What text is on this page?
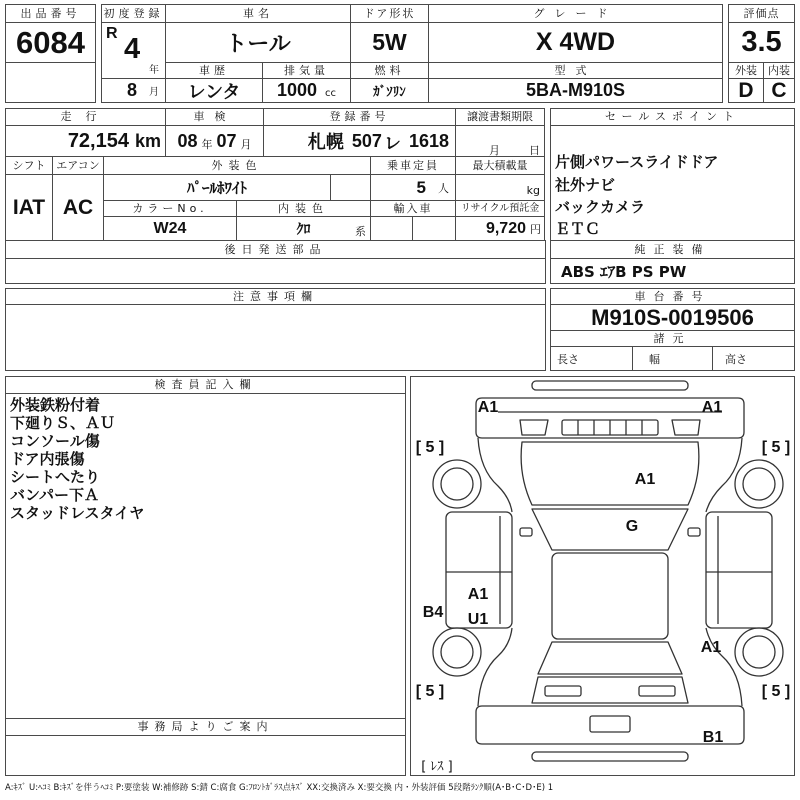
出品番号
6084
初度登録
R 4
年
8 月
車名
トール
ドア形状
5W
グレード
X 4WD
車歴	排気量	燃料	型式
レンタ	1000 cc	ｶﾞｿﾘﾝ	5BA-M910S
評価点
3.5
外装	内装
D C
走行	車検	登録番号	譲渡書類期限
72,154 km 08 年 07 月	札幌 507 レ 1618	月	日
シフト エアコン	外装色	乗車定員	最大積載量
IAT AC
ﾊﾟｰﾙﾎﾜｲﾄ	5 人	kg
カラーNo.	内装色	輸入車	リサイクル預託金
W24	ｸﾛ	系	9,720 円
後日発送部品
セールスポイント
片側パワースライドドア
社外ナビ
バックカメラ
ＥＴＣ
純正装備
ABS ｴｱB PS PW
注意事項欄	車台番号
M910S-0019506
諸元
長さ	幅	高さ
検査員記入欄
外装鉄粉付着
下廻りＳ、ＡＵ
コンソール傷
ドア内張傷
シートへたり
バンパー下Ａ
スタッドレスタイヤ
事務局よりご案内
A1	A1
[ 5 ]	[ 5 ]
A1
G
A1
B4 U1
A1
[ 5 ]	[ 5 ]
B1
[ ﾚｽ ]
A:ｷｽﾞ U:ﾍｺﾐ B:ｷｽﾞを伴うﾍｺﾐ P:要塗装 W:補修跡 S:錆 C:腐食 G:ﾌﾛﾝﾄｶﾞﾗｽ点ｷｽﾞ XX:交換済み X:要交換 内・外装評価 5段階ﾗﾝｸ順(A･B･C･D･E) 1
